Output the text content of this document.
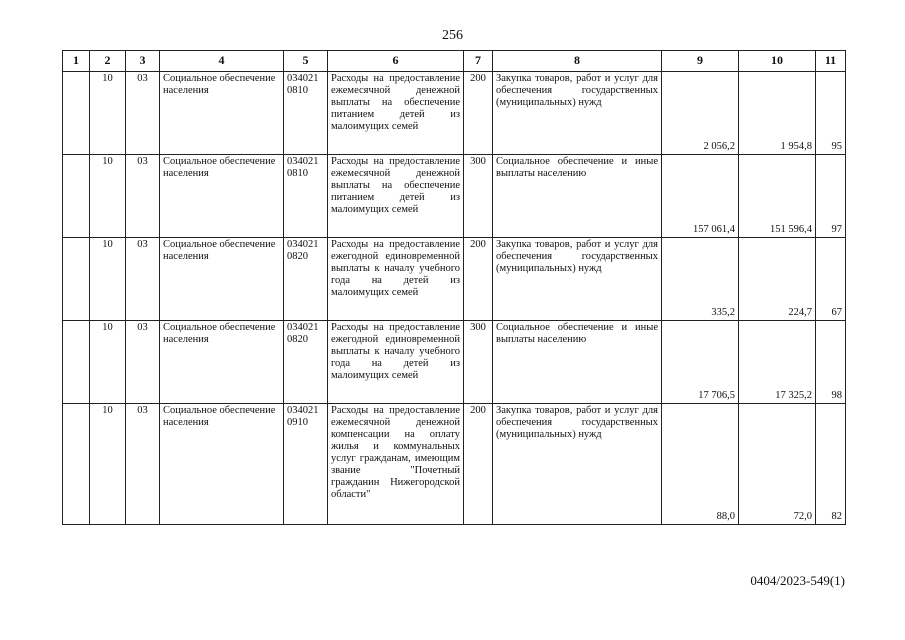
256
1	2	3	4	5	6	7	8	9	10	11
	10	03	Социальное обеспечение населения	034021 0810	Расходы на предоставление ежемесячной денежной выплаты на обеспечение питанием детей из малоимущих семей	200	Закупка товаров, работ и услуг для обеспечения государственных (муниципальных) нужд	2 056,2	1 954,8	95
	10	03	Социальное обеспечение населения	034021 0810	Расходы на предоставление ежемесячной денежной выплаты на обеспечение питанием детей из малоимущих семей	300	Социальное обеспечение и иные выплаты населению	157 061,4	151 596,4	97
	10	03	Социальное обеспечение населения	034021 0820	Расходы на предоставление ежегодной единовременной выплаты к началу учебного года на детей из малоимущих семей	200	Закупка товаров, работ и услуг для обеспечения государственных (муниципальных) нужд	335,2	224,7	67
	10	03	Социальное обеспечение населения	034021 0820	Расходы на предоставление ежегодной единовременной выплаты к началу учебного года на детей из малоимущих семей	300	Социальное обеспечение и иные выплаты населению	17 706,5	17 325,2	98
	10	03	Социальное обеспечение населения	034021 0910	Расходы на предоставление ежемесячной денежной компенсации на оплату жилья и коммунальных услуг гражданам, имеющим звание "Почетный гражданин Нижегородской области"	200	Закупка товаров, работ и услуг для обеспечения государственных (муниципальных) нужд	88,0	72,0	82
0404/2023-549(1)
